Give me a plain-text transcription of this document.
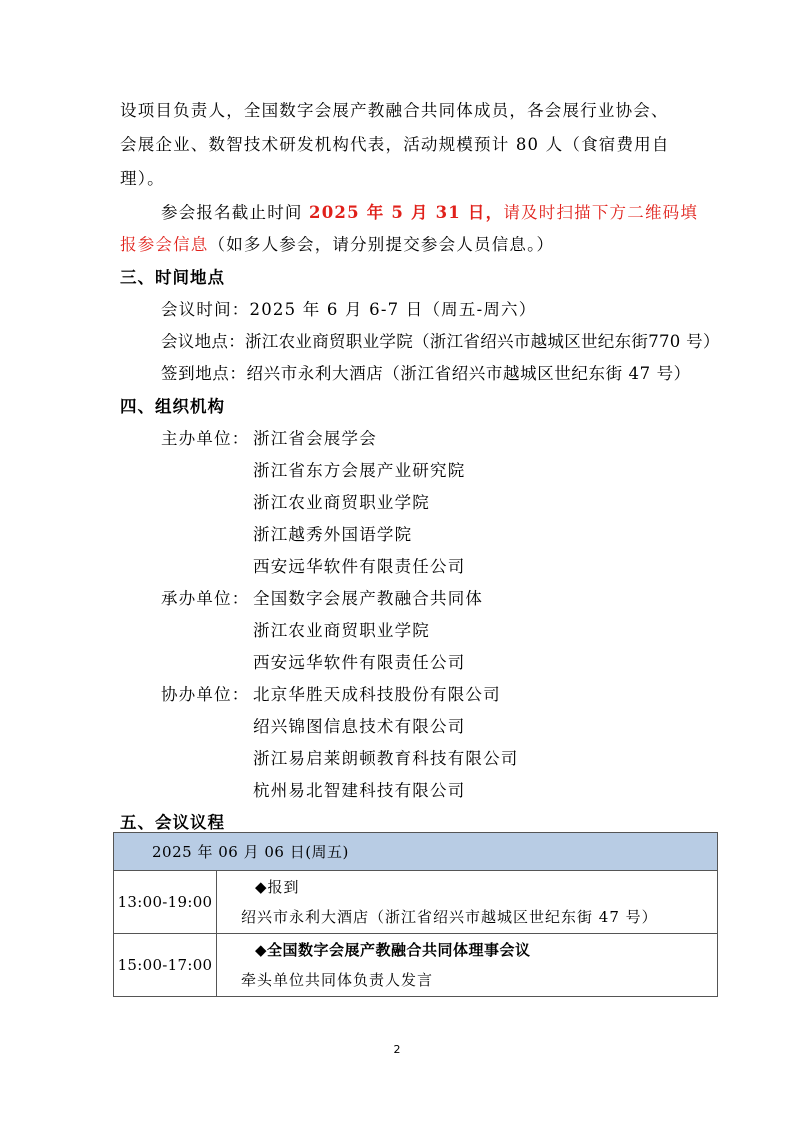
设项目负责人，全国数字会展产教融合共同体成员，各会展行业协会、
会展企业、数智技术研发机构代表，活动规模预计 80 人（食宿费用自
理）。
参会报名截止时间 2025 年 5 月 31 日，请及时扫描下方二维码填
报参会信息（如多人参会，请分别提交参会人员信息。）
三、时间地点
会议时间：2025 年 6 月 6-7 日（周五-周六）
会议地点：浙江农业商贸职业学院（浙江省绍兴市越城区世纪东街770 号）
签到地点：绍兴市永利大酒店（浙江省绍兴市越城区世纪东街 47 号）
四、组织机构
主办单位： 浙江省会展学会
浙江省东方会展产业研究院
浙江农业商贸职业学院
浙江越秀外国语学院
西安远华软件有限责任公司
承办单位： 全国数字会展产教融合共同体
浙江农业商贸职业学院
西安远华软件有限责任公司
协办单位： 北京华胜天成科技股份有限公司
绍兴锦图信息技术有限公司
浙江易启莱朗顿教育科技有限公司
杭州易北智建科技有限公司
五、会议议程
2025 年 06 月 06 日(周五)	
13:00-19:00	◆报到
绍兴市永利大酒店（浙江省绍兴市越城区世纪东街 47 号）

15:00-17:00	◆全国数字会展产教融合共同体理事会议
牵头单位共同体负责人发言
2
